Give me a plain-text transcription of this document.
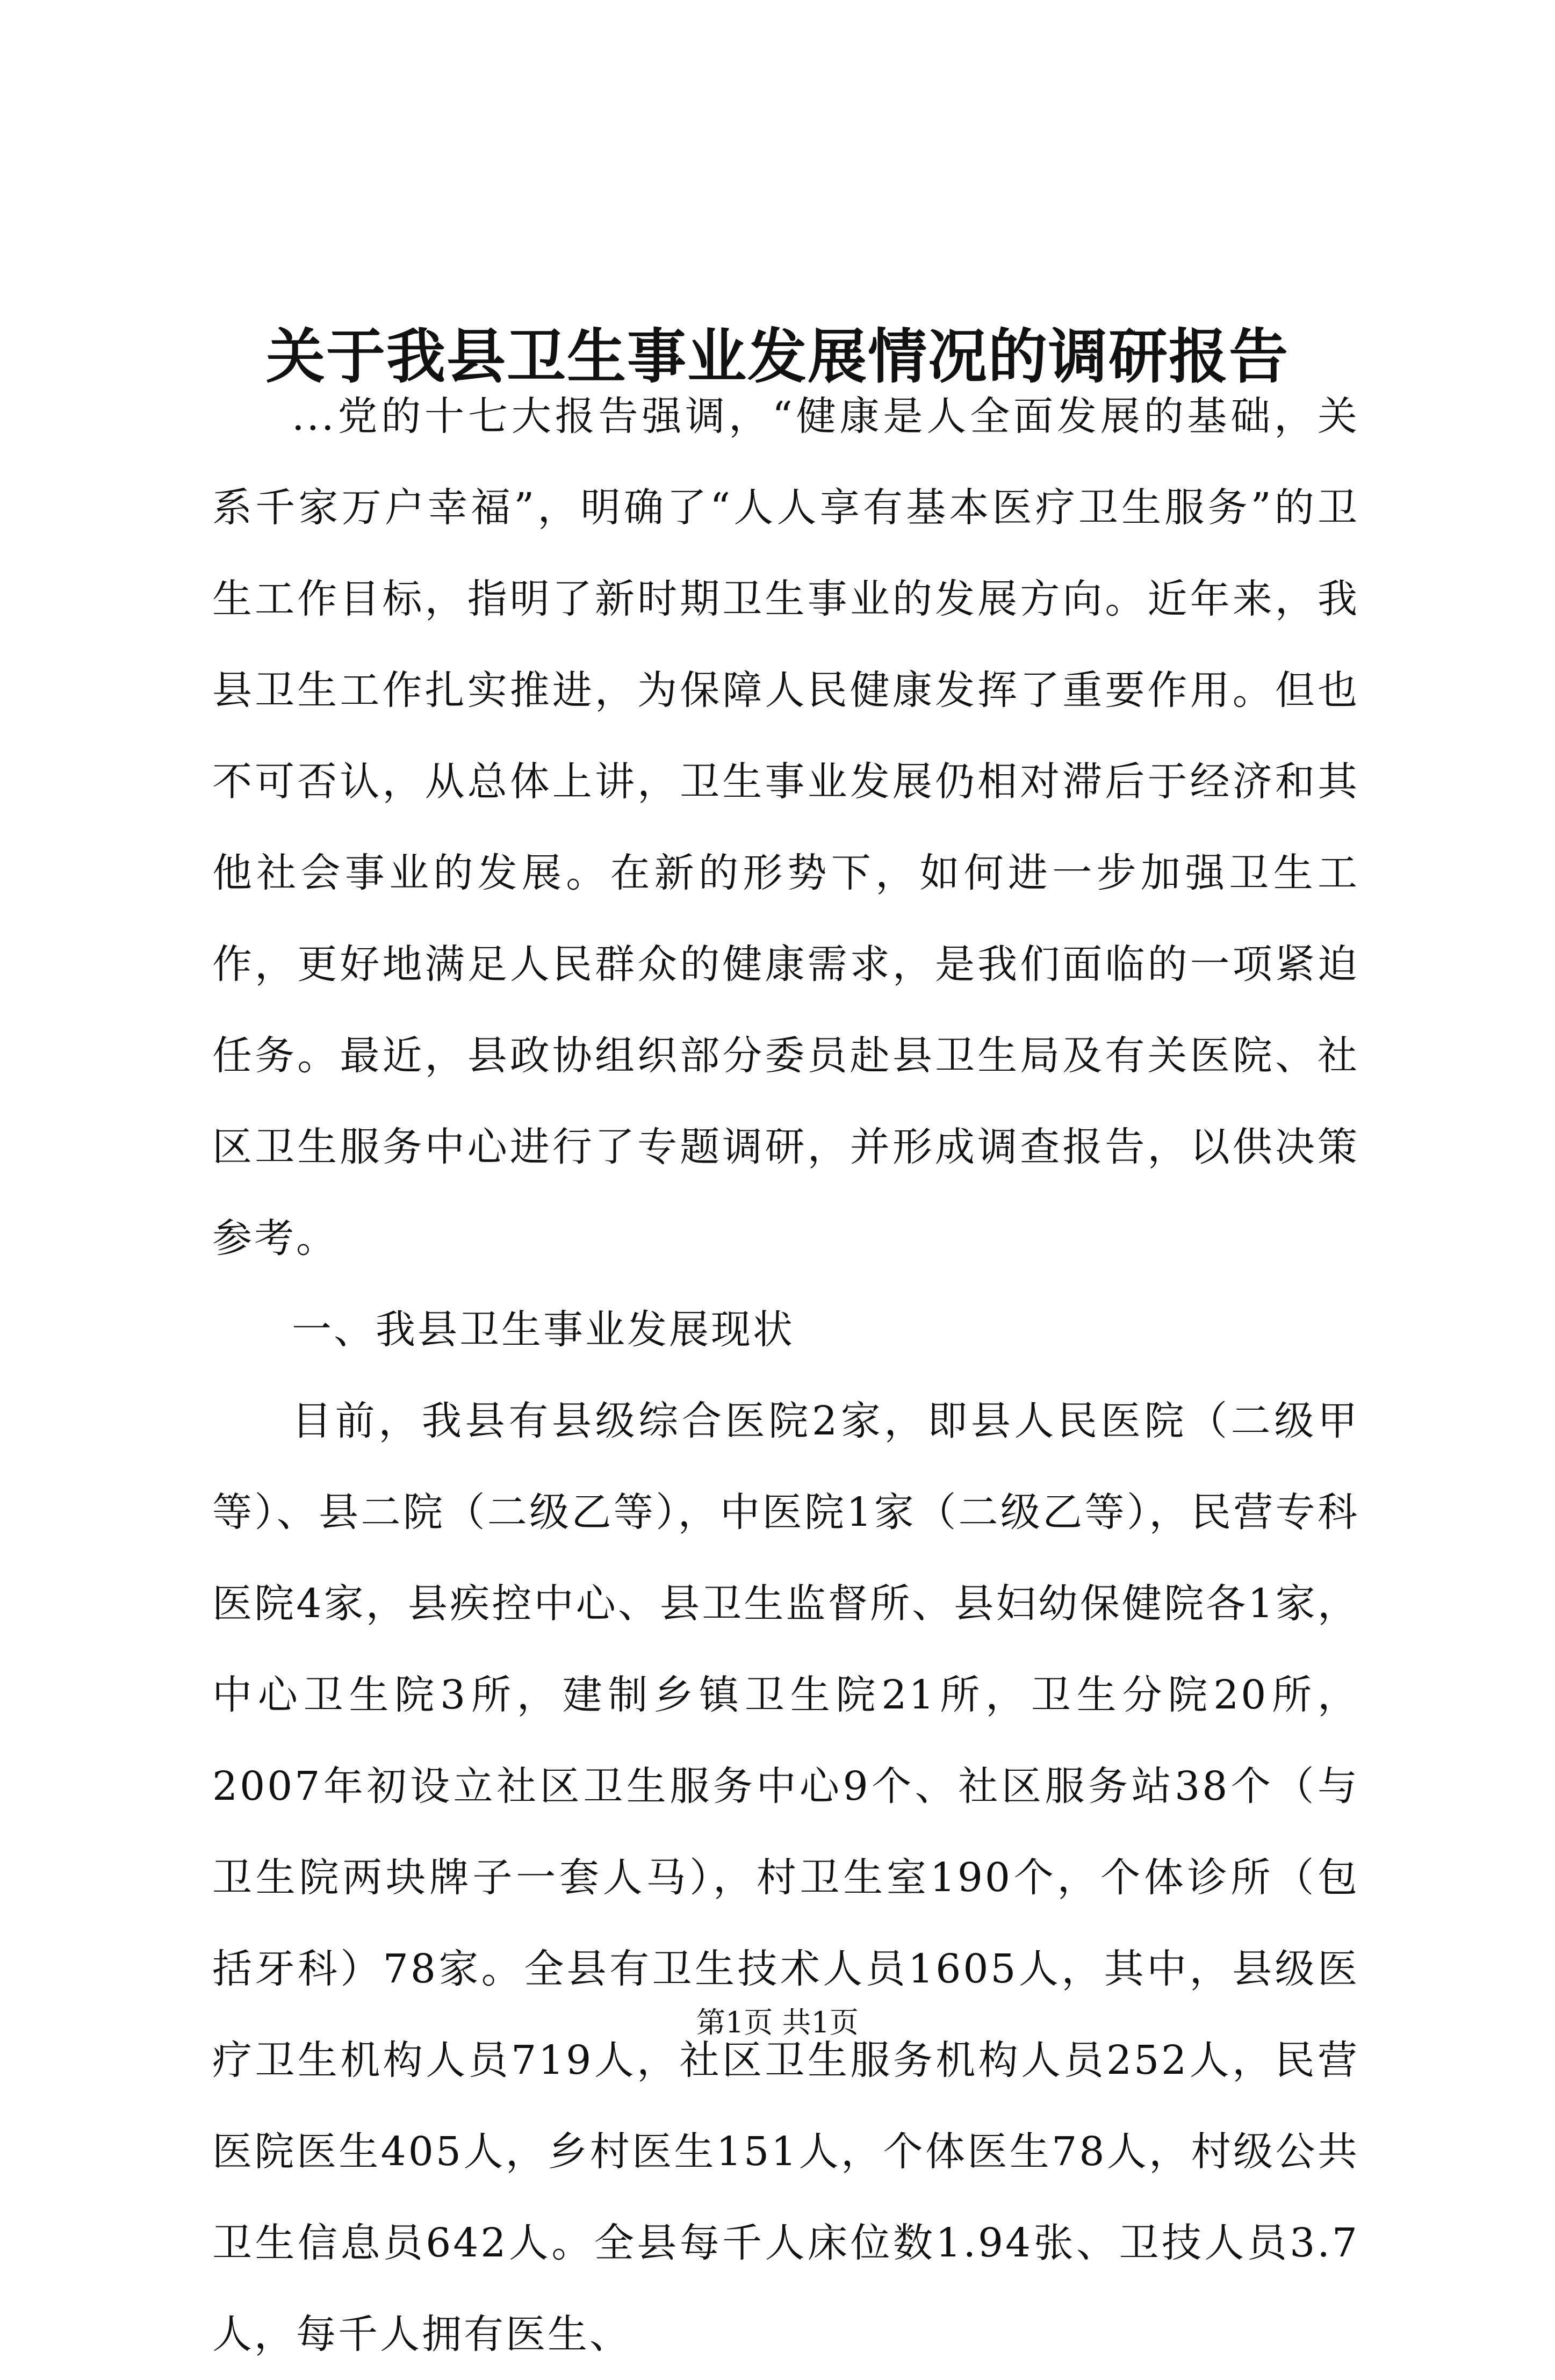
关于我县卫生事业发展情况的调研报告

...党的十七大报告强调，“健康是人全面发展的基础，关系千家万户幸福”，明确了“人人享有基本医疗卫生服务”的卫生工作目标，指明了新时期卫生事业的发展方向。近年来，我县卫生工作扎实推进，为保障人民健康发挥了重要作用。但也不可否认，从总体上讲，卫生事业发展仍相对滞后于经济和其他社会事业的发展。在新的形势下，如何进一步加强卫生工作，更好地满足人民群众的健康需求，是我们面临的一项紧迫任务。最近，县政协组织部分委员赴县卫生局及有关医院、社区卫生服务中心进行了专题调研，并形成调查报告，以供决策参考。

一、我县卫生事业发展现状

目前，我县有县级综合医院2家，即县人民医院（二级甲等）、县二院（二级乙等），中医院1家（二级乙等），民营专科医院4家，县疾控中心、县卫生监督所、县妇幼保健院各1家，中心卫生院3所，建制乡镇卫生院21所，卫生分院20所，2007年初设立社区卫生服务中心9个、社区服务站38个（与卫生院两块牌子一套人马），村卫生室190个，个体诊所（包括牙科）78家。全县有卫生技术人员1605人，其中，县级医疗卫生机构人员719人，社区卫生服务机构人员252人，民营医院医生405人，乡村医生151人，个体医生78人，村级公共卫生信息员642人。全县每千人床位数1.94张、卫技人员3.7人，每千人拥有医生、

第1页 共1页
